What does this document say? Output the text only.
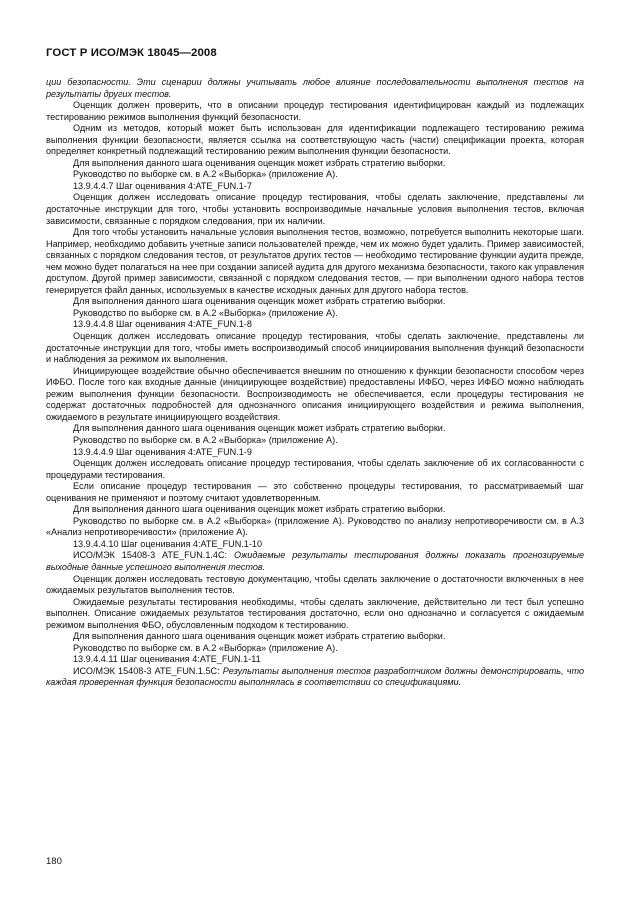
ГОСТ Р ИСО/МЭК 18045—2008

ции безопасности. Эти сценарии должны учитывать любое влияние последовательности выполнения тестов на результаты других тестов.

Оценщик должен проверить, что в описании процедур тестирования идентифицирован каждый из подлежащих тестированию режимов выполнения функций безопасности.

Одним из методов, который может быть использован для идентификации подлежащего тестированию режима выполнения функции безопасности, является ссылка на соответствующую часть (части) спецификации проекта, которая определяет конкретный подлежащий тестированию режим выполнения функции безопасности.

Для выполнения данного шага оценивания оценщик может избрать стратегию выборки.

Руководство по выборке см. в А.2 «Выборка» (приложение А).

13.9.4.4.7 Шаг оценивания 4:ATE_FUN.1-7

Оценщик должен исследовать описание процедур тестирования, чтобы сделать заключение, представлены ли достаточные инструкции для того, чтобы установить воспроизводимые начальные условия выполнения тестов, включая зависимости, связанные с порядком следования, при их наличии.

Для того чтобы установить начальные условия выполнения тестов, возможно, потребуется выполнить некоторые шаги. Например, необходимо добавить учетные записи пользователей прежде, чем их можно будет удалить. Пример зависимостей, связанных с порядком следования тестов, от результатов других тестов — необходимо тестирование функции аудита прежде, чем можно будет полагаться на нее при создании записей аудита для другого механизма безопасности, такого как управления доступом. Другой пример зависимости, связанной с порядком следования тестов, — при выполнении одного набора тестов генерируется файл данных, используемых в качестве исходных данных для другого набора тестов.

Для выполнения данного шага оценивания оценщик может избрать стратегию выборки.

Руководство по выборке см. в А.2 «Выборка» (приложение А).

13.9.4.4.8 Шаг оценивания 4:ATE_FUN.1-8

Оценщик должен исследовать описание процедур тестирования, чтобы сделать заключение, представлены ли достаточные инструкции для того, чтобы иметь воспроизводимый способ инициирования выполнения функций безопасности и наблюдения за режимом их выполнения.

Инициирующее воздействие обычно обеспечивается внешним по отношению к функции безопасности способом через ИФБО. После того как входные данные (инициирующее воздействие) предоставлены ИФБО, через ИФБО можно наблюдать режим выполнения функции безопасности. Воспроизводимость не обеспечивается, если процедуры тестирования не содержат достаточных подробностей для однозначного описания инициирующего воздействия и режима выполнения, ожидаемого в результате инициирующего воздействия.

Для выполнения данного шага оценивания оценщик может избрать стратегию выборки.

Руководство по выборке см. в А.2 «Выборка» (приложение А).

13.9.4.4.9 Шаг оценивания 4:ATE_FUN.1-9

Оценщик должен исследовать описание процедур тестирования, чтобы сделать заключение об их согласованности с процедурами тестирования.

Если описание процедур тестирования — это собственно процедуры тестирования, то рассматриваемый шаг оценивания не применяют и поэтому считают удовлетворенным.

Для выполнения данного шага оценивания оценщик может избрать стратегию выборки.

Руководство по выборке см. в А.2 «Выборка» (приложение А). Руководство по анализу непротиворечивости см. в А.3 «Анализ непротиворечивости» (приложение А).

13.9.4.4.10 Шаг оценивания 4:ATE_FUN.1-10

ИСО/МЭК 15408-3 ATE_FUN.1.4C: Ожидаемые результаты тестирования должны показать прогнозируемые выходные данные успешного выполнения тестов.

Оценщик должен исследовать тестовую документацию, чтобы сделать заключение о достаточности включенных в нее ожидаемых результатов выполнения тестов.

Ожидаемые результаты тестирования необходимы, чтобы сделать заключение, действительно ли тест был успешно выполнен. Описание ожидаемых результатов тестирования достаточно, если оно однозначно и согласуется с ожидаемым режимом выполнения ФБО, обусловленным подходом к тестированию.

Для выполнения данного шага оценивания оценщик может избрать стратегию выборки.

Руководство по выборке см. в А.2 «Выборка» (приложение А).

13.9.4.4.11 Шаг оценивания 4:ATE_FUN.1-11

ИСО/МЭК 15408-3 ATE_FUN.1.5C: Результаты выполнения тестов разработчиком должны демонстрировать, что каждая проверенная функция безопасности выполнялась в соответствии со спецификациями.

180
